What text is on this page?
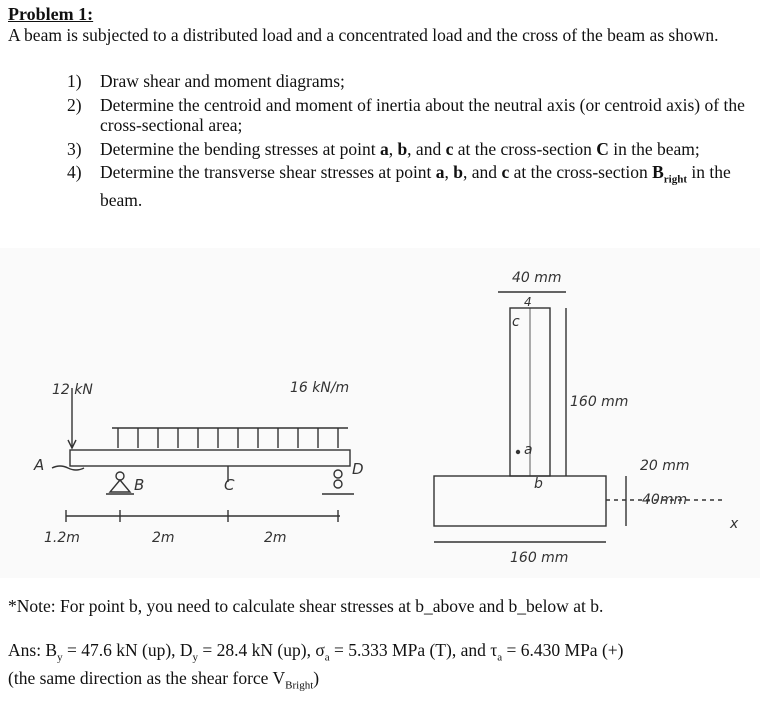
Problem 1:
A beam is subjected to a distributed load and a concentrated load and the cross of the beam as shown.
1) Draw shear and moment diagrams;
2) Determine the centroid and moment of inertia about the neutral axis (or centroid axis) of the cross-sectional area;
3) Determine the bending stresses at point a, b, and c at the cross-section C in the beam;
4) Determine the transverse shear stresses at point a, b, and c at the cross-section $B_{right}$ in the beam.
A
B	C
D
12 kN	16 kN/m
1.2m	2m	2m
40 mm
4
c
a
b
160 mm
20 mm
40mm
160 mm
x
*Note: For point b, you need to calculate shear stresses at b_above and b_below at b.
Ans: $B_y = 47.6$ kN (up), $D_y = 28.4$ kN (up), $\sigma_a = 5.333$ MPa (T), and $\tau_a = 6.430$ MPa (+)
(the same direction as the shear force $V_{Bright}$)
